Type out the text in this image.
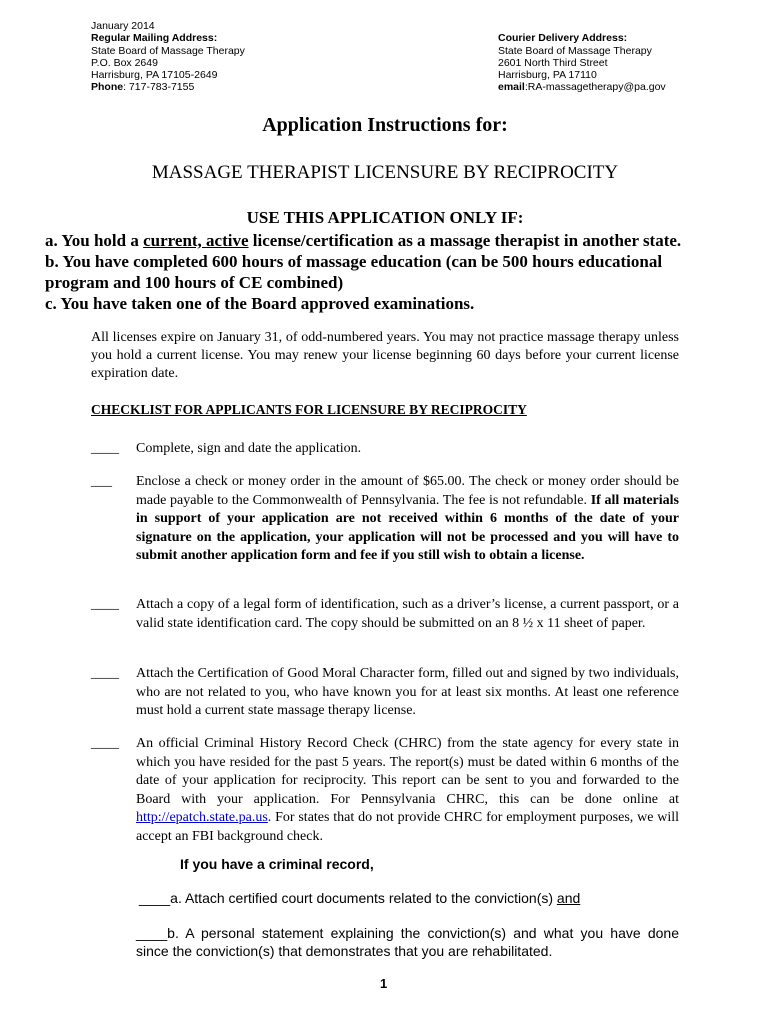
January 2014
Regular Mailing Address:
State Board of Massage Therapy
P.O. Box 2649
Harrisburg, PA 17105-2649
Phone: 717-783-7155

Courier Delivery Address:
State Board of Massage Therapy
2601 North Third Street
Harrisburg, PA 17110
email:RA-massagetherapy@pa.gov
Application Instructions for:
MASSAGE THERAPIST LICENSURE BY RECIPROCITY
USE THIS APPLICATION ONLY IF:
a. You hold a current, active license/certification as a massage therapist in another state.
b. You have completed 600 hours of massage education (can be 500 hours educational
program and 100 hours of CE combined)
c. You have taken one of the Board approved examinations.
All licenses expire on January 31, of odd-numbered years. You may not practice massage therapy unless you hold a current license. You may renew your license beginning 60 days before your current license expiration date.
CHECKLIST FOR APPLICANTS FOR LICENSURE BY RECIPROCITY
____ Complete, sign and date the application.
___ Enclose a check or money order in the amount of $65.00. The check or money order should be made payable to the Commonwealth of Pennsylvania. The fee is not refundable. If all materials in support of your application are not received within 6 months of the date of your signature on the application, your application will not be processed and you will have to submit another application form and fee if you still wish to obtain a license.
____ Attach a copy of a legal form of identification, such as a driver’s license, a current passport, or a valid state identification card. The copy should be submitted on an 8 ½ x 11 sheet of paper.
____ Attach the Certification of Good Moral Character form, filled out and signed by two individuals, who are not related to you, who have known you for at least six months. At least one reference must hold a current state massage therapy license.
____ An official Criminal History Record Check (CHRC) from the state agency for every state in which you have resided for the past 5 years. The report(s) must be dated within 6 months of the date of your application for reciprocity. This report can be sent to you and forwarded to the Board with your application. For Pennsylvania CHRC, this can be done online at http://epatch.state.pa.us. For states that do not provide CHRC for employment purposes, we will accept an FBI background check.
If you have a criminal record,
____a. Attach certified court documents related to the conviction(s) and
____b. A personal statement explaining the conviction(s) and what you have done since the conviction(s) that demonstrates that you are rehabilitated.
1
